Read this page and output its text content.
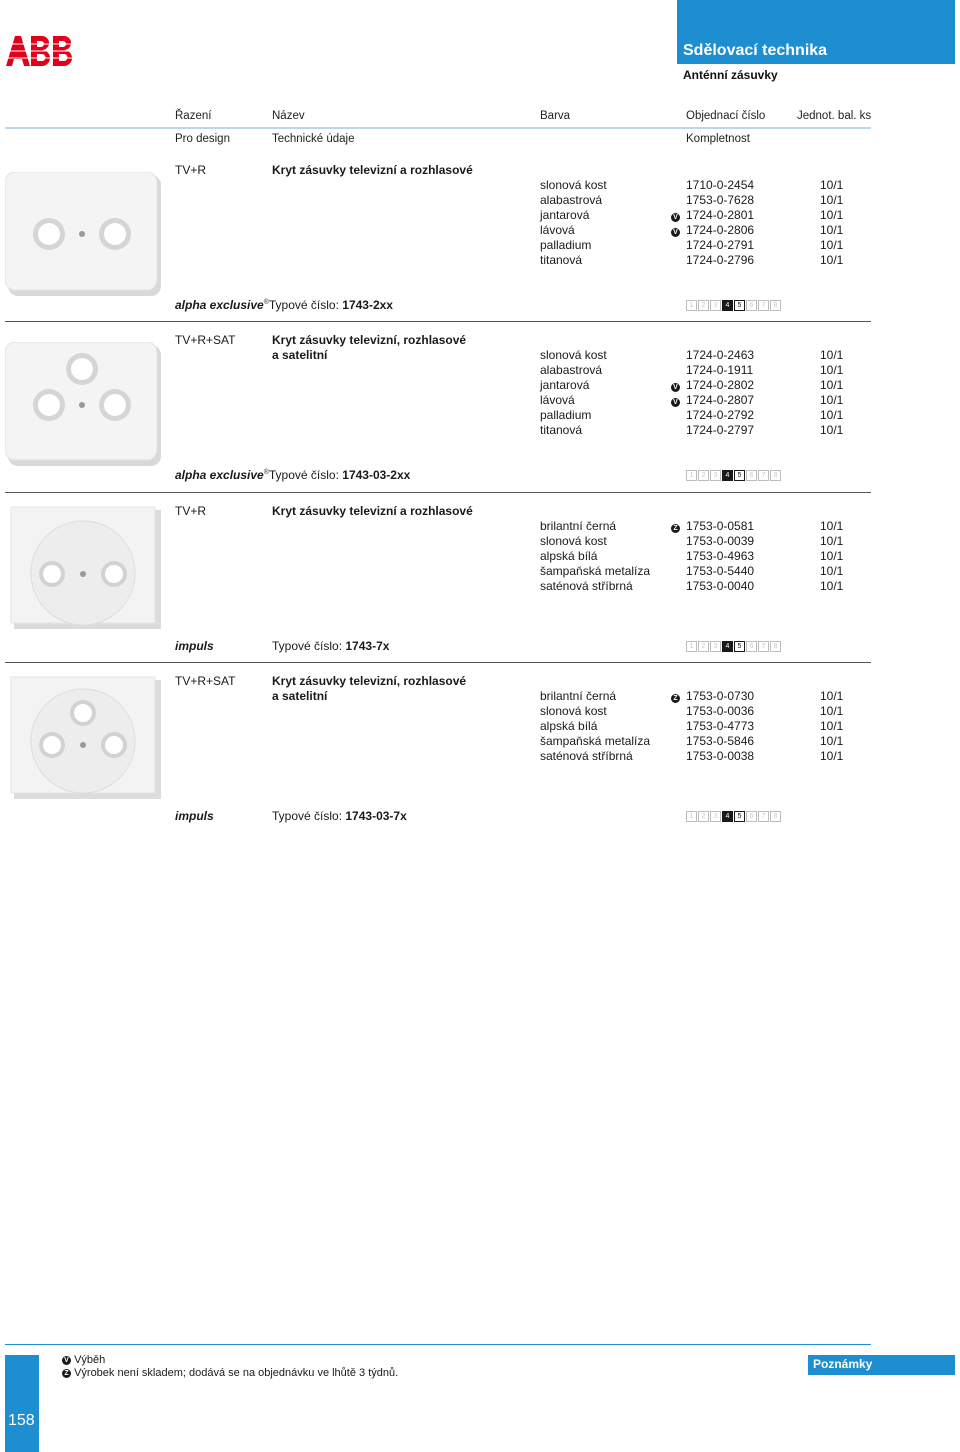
Sdělovací technika
Anténní zásuvky
Řazení	Název	Barva	Objednací číslo	Jednot. bal. ks
Pro design	Technické údaje	Kompletnost
TV+R	Kryt zásuvky televizní a rozhlasové
slonová kost	1710-0-2454	10/1
alabastrová	1753-0-7628	10/1
jantarová	V 1724-0-2801	10/1
lávová	V 1724-0-2806	10/1
palladium	1724-0-2791	10/1
titanová	1724-0-2796	10/1
alpha exclusive®Typové číslo: 1743-2xx	1	2	3	4	5	6	7	8
TV+R+SAT	Kryt zásuvky televizní, rozhlasové
a satelitní	slonová kost	1724-0-2463	10/1
alabastrová	1724-0-1911	10/1
jantarová	V 1724-0-2802	10/1
lávová	V 1724-0-2807	10/1
palladium	1724-0-2792	10/1
titanová	1724-0-2797	10/1
alpha exclusive®Typové číslo: 1743-03-2xx	1	2	3	4	5	6	7	8
TV+R	Kryt zásuvky televizní a rozhlasové
brilantní černá	Z 1753-0-0581	10/1
slonová kost	1753-0-0039	10/1
alpská bílá	1753-0-4963	10/1
šampaňská metalíza	1753-0-5440	10/1
saténová stříbrná	1753-0-0040	10/1
impuls	Typové číslo: 1743-7x	1	2	3	4	5	6	7	8
TV+R+SAT	Kryt zásuvky televizní, rozhlasové
a satelitní	brilantní černá	Z 1753-0-0730	10/1
slonová kost	1753-0-0036	10/1
alpská bílá	1753-0-4773	10/1
šampaňská metalíza	1753-0-5846	10/1
saténová stříbrná	1753-0-0038	10/1
impuls	Typové číslo: 1743-03-7x	1	2	3	4	5	6	7	8
158
V Výběh
Z Výrobek není skladem; dodává se na objednávku ve lhůtě 3 týdnů.
Poznámky
